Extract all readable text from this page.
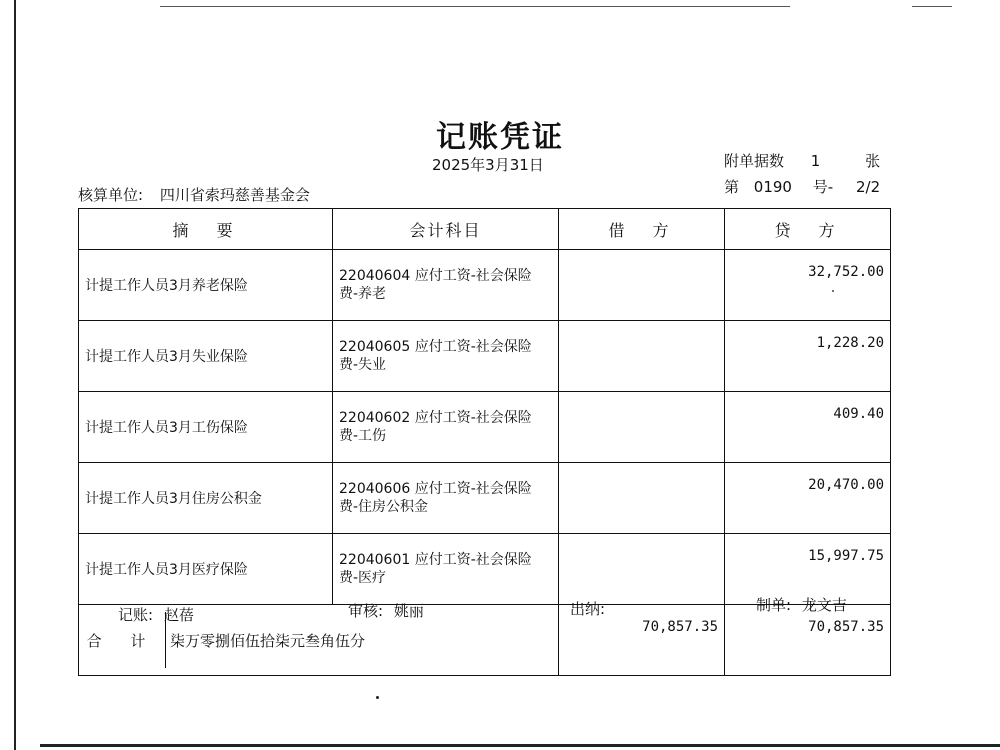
记账凭证
2025年3月31日	附单据数 1	张
第 0190 号- 2/2
核算单位: 四川省索玛慈善基金会
摘　要	会计科目	借　方	贷　方
计提工作人员3月养老保险	22040604 应付工资-社会保险
费-养老		32,752.00
计提工作人员3月失业保险	22040605 应付工资-社会保险
费-失业		1,228.20
计提工作人员3月工伤保险	22040602 应付工资-社会保险
费-工伤		409.40
计提工作人员3月住房公积金	22040606 应付工资-社会保险
费-住房公积金		20,470.00
计提工作人员3月医疗保险	22040601 应付工资-社会保险
费-医疗		15,997.75

合 计 柒万零捌佰伍拾柒元叁角伍分		70,857.35	70,857.35
记账: 赵蓓	审核: 姚丽	出纳:	制单: 龙文吉
